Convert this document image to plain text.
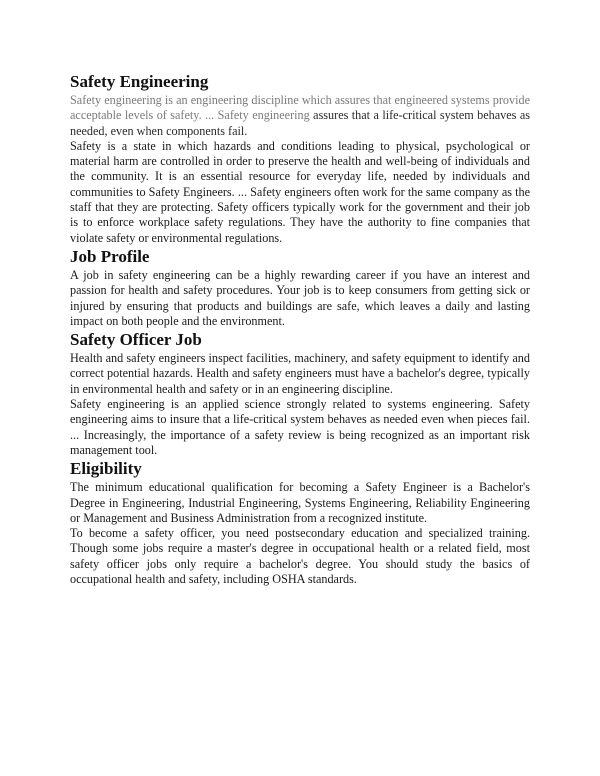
Safety Engineering

Safety engineering is an engineering discipline which assures that engineered systems provide acceptable levels of safety. ... Safety engineering assures that a life-critical system behaves as needed, even when components fail.

Safety is a state in which hazards and conditions leading to physical, psychological or material harm are controlled in order to preserve the health and well-being of individuals and the community. It is an essential resource for everyday life, needed by individuals and communities to Safety Engineers. ... Safety engineers often work for the same company as the staff that they are protecting. Safety officers typically work for the government and their job is to enforce workplace safety regulations. They have the authority to fine companies that violate safety or environmental regulations.

Job Profile

A job in safety engineering can be a highly rewarding career if you have an interest and passion for health and safety procedures. Your job is to keep consumers from getting sick or injured by ensuring that products and buildings are safe, which leaves a daily and lasting impact on both people and the environment.

Safety Officer Job

Health and safety engineers inspect facilities, machinery, and safety equipment to identify and correct potential hazards. Health and safety engineers must have a bachelor's degree, typically in environmental health and safety or in an engineering discipline.

Safety engineering is an applied science strongly related to systems engineering. Safety engineering aims to insure that a life-critical system behaves as needed even when pieces fail. ... Increasingly, the importance of a safety review is being recognized as an important risk management tool.

Eligibility

The minimum educational qualification for becoming a Safety Engineer is a Bachelor's Degree in Engineering, Industrial Engineering, Systems Engineering, Reliability Engineering or Management and Business Administration from a recognized institute.

To become a safety officer, you need postsecondary education and specialized training. Though some jobs require a master's degree in occupational health or a related field, most safety officer jobs only require a bachelor's degree. You should study the basics of occupational health and safety, including OSHA standards.
